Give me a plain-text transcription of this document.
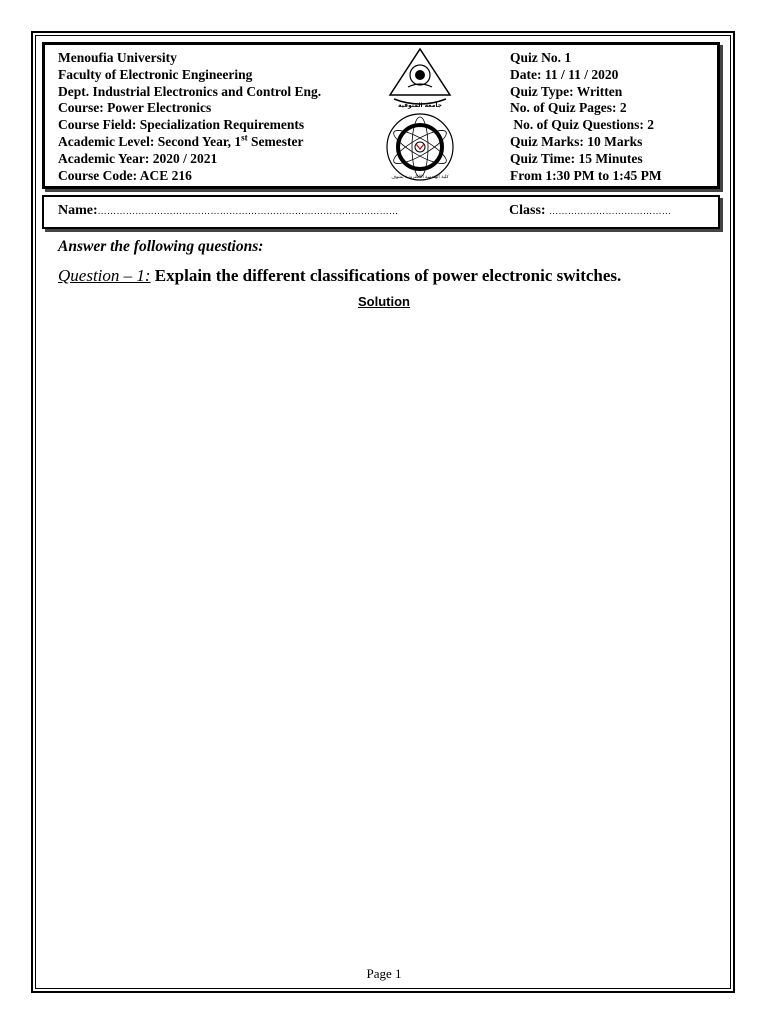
Menoufia University
Faculty of Electronic Engineering
Dept. Industrial Electronics and Control Eng.
Course: Power Electronics
Course Field: Specialization Requirements
Academic Level: Second Year, 1st Semester
Academic Year: 2020 / 2021
Course Code: ACE 216
Quiz No. 1
Date: 11 / 11 / 2020
Quiz Type: Written
No. of Quiz Pages: 2
No. of Quiz Questions: 2
Quiz Marks: 10 Marks
Quiz Time: 15 Minutes
From 1:30 PM to 1:45 PM
جامعة المنوفية
كلية الهندسة الالكترونية بمنوف
Name:……………………………………………………………………………………	Class: …………………………………
Answer the following questions:
Question – 1: Explain the different classifications of power electronic switches.
Solution
Page 1
